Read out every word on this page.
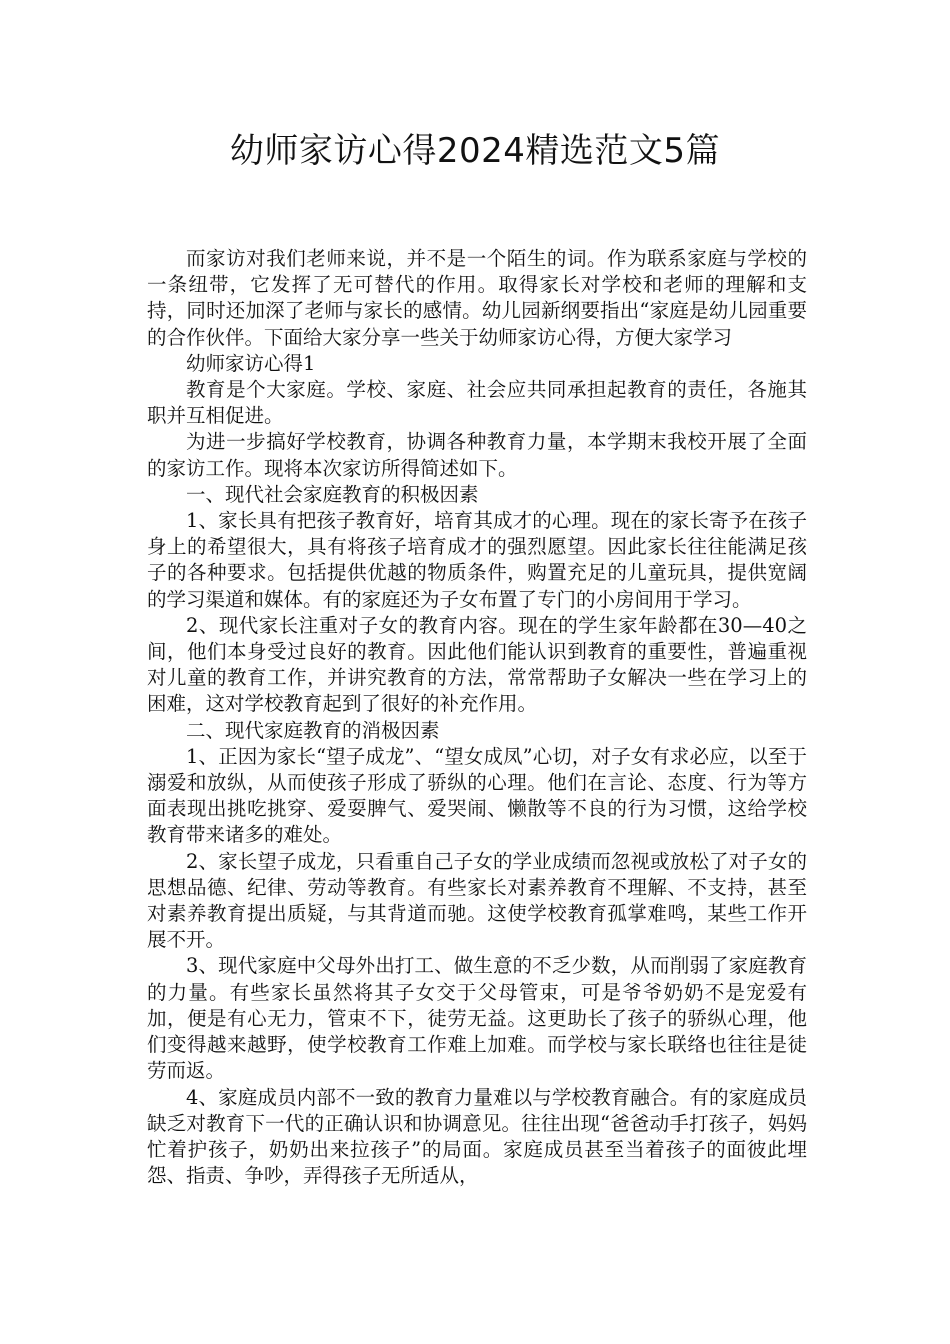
幼师家访心得2024精选范文5篇

而家访对我们老师来说，并不是一个陌生的词。作为联系家庭与学校的一条纽带，它发挥了无可替代的作用。取得家长对学校和老师的理解和支持，同时还加深了老师与家长的感情。幼儿园新纲要指出“家庭是幼儿园重要的合作伙伴。下面给大家分享一些关于幼师家访心得，方便大家学习

幼师家访心得1

教育是个大家庭。学校、家庭、社会应共同承担起教育的责任，各施其职并互相促进。

为进一步搞好学校教育，协调各种教育力量，本学期末我校开展了全面的家访工作。现将本次家访所得简述如下。

一、现代社会家庭教育的积极因素

1、家长具有把孩子教育好，培育其成才的心理。现在的家长寄予在孩子身上的希望很大，具有将孩子培育成才的强烈愿望。因此家长往往能满足孩子的各种要求。包括提供优越的物质条件，购置充足的儿童玩具，提供宽阔的学习渠道和媒体。有的家庭还为子女布置了专门的小房间用于学习。

2、现代家长注重对子女的教育内容。现在的学生家年龄都在30—40之间，他们本身受过良好的教育。因此他们能认识到教育的重要性，普遍重视对儿童的教育工作，并讲究教育的方法，常常帮助子女解决一些在学习上的困难，这对学校教育起到了很好的补充作用。

二、现代家庭教育的消极因素

1、正因为家长“望子成龙”、“望女成凤”心切，对子女有求必应，以至于溺爱和放纵，从而使孩子形成了骄纵的心理。他们在言论、态度、行为等方面表现出挑吃挑穿、爱耍脾气、爱哭闹、懒散等不良的行为习惯，这给学校教育带来诸多的难处。

2、家长望子成龙，只看重自己子女的学业成绩而忽视或放松了对子女的思想品德、纪律、劳动等教育。有些家长对素养教育不理解、不支持，甚至对素养教育提出质疑，与其背道而驰。这使学校教育孤掌难鸣，某些工作开展不开。

3、现代家庭中父母外出打工、做生意的不乏少数，从而削弱了家庭教育的力量。有些家长虽然将其子女交于父母管束，可是爷爷奶奶不是宠爱有加，便是有心无力，管束不下，徒劳无益。这更助长了孩子的骄纵心理，他们变得越来越野，使学校教育工作难上加难。而学校与家长联络也往往是徒劳而返。

4、家庭成员内部不一致的教育力量难以与学校教育融合。有的家庭成员缺乏对教育下一代的正确认识和协调意见。往往出现“爸爸动手打孩子，妈妈忙着护孩子，奶奶出来拉孩子”的局面。家庭成员甚至当着孩子的面彼此埋怨、指责、争吵，弄得孩子无所适从，
